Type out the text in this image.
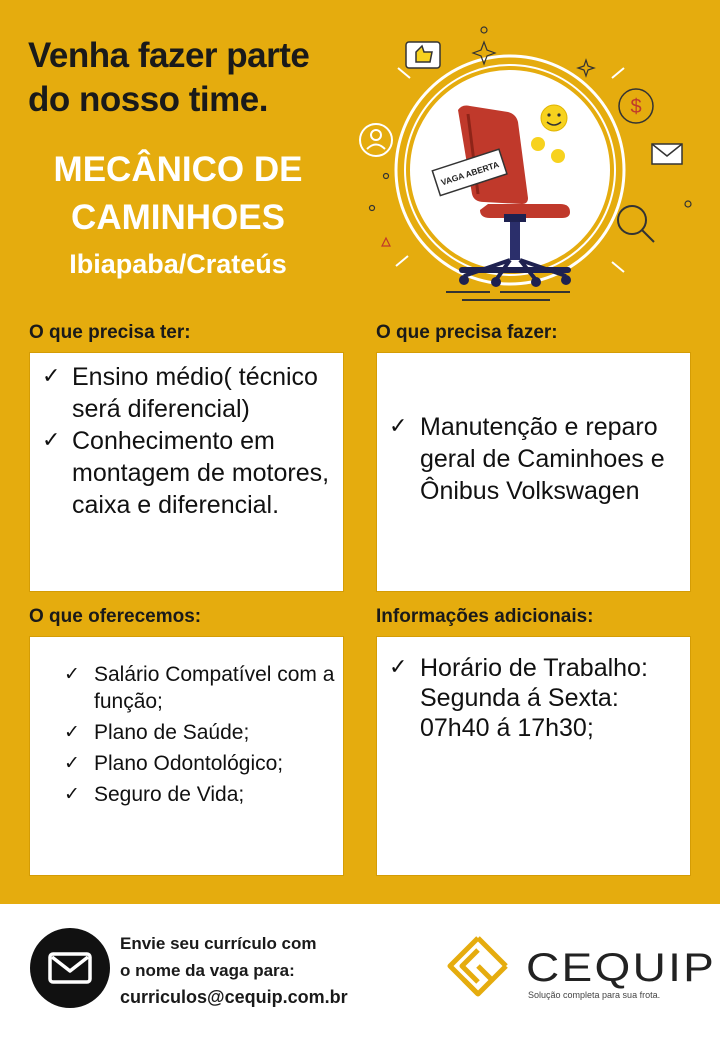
Venha fazer parte
do nosso time.
MECÂNICO DE
CAMINHOES
Ibiapaba/Crateús
VAGA ABERTA
$
O que precisa ter:	O que precisa fazer:
✓ Ensino médio( técnico será diferencial)
✓ Conhecimento em montagem de motores, caixa e diferencial.
✓ Manutenção e reparo geral de Caminhoes e Ônibus Volkswagen
O que oferecemos:	Informações adicionais:
✓ Salário Compatível com a função;
✓ Plano de Saúde;
✓ Plano Odontológico;
✓ Seguro de Vida;
✓ Horário de Trabalho: Segunda á Sexta: 07h40 á 17h30;
Envie seu currículo com
o nome da vaga para:
curriculos@cequip.com.br
CEQUIP
Solução completa para sua frota.
